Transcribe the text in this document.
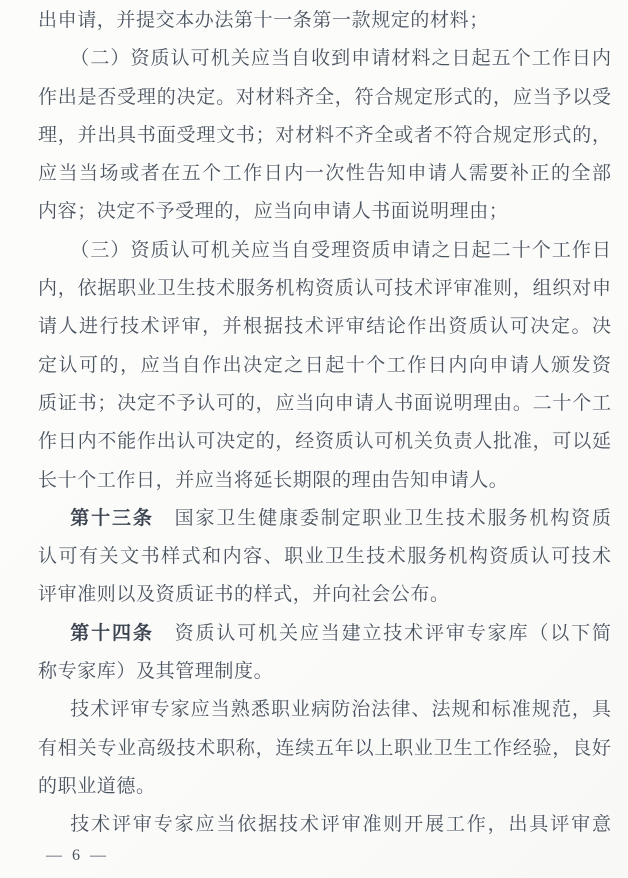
出申请，并提交本办法第十一条第一款规定的材料；
（二）资质认可机关应当自收到申请材料之日起五个工作日内
作出是否受理的决定。对材料齐全，符合规定形式的，应当予以受
理，并出具书面受理文书；对材料不齐全或者不符合规定形式的，
应当当场或者在五个工作日内一次性告知申请人需要补正的全部
内容；决定不予受理的，应当向申请人书面说明理由；
（三）资质认可机关应当自受理资质申请之日起二十个工作日
内，依据职业卫生技术服务机构资质认可技术评审准则，组织对申
请人进行技术评审，并根据技术评审结论作出资质认可决定。决
定认可的，应当自作出决定之日起十个工作日内向申请人颁发资
质证书；决定不予认可的，应当向申请人书面说明理由。二十个工
作日内不能作出认可决定的，经资质认可机关负责人批准，可以延
长十个工作日，并应当将延长期限的理由告知申请人。
第十三条　国家卫生健康委制定职业卫生技术服务机构资质
认可有关文书样式和内容、职业卫生技术服务机构资质认可技术
评审准则以及资质证书的样式，并向社会公布。
第十四条　资质认可机关应当建立技术评审专家库（以下简
称专家库）及其管理制度。
技术评审专家应当熟悉职业病防治法律、法规和标准规范，具
有相关专业高级技术职称，连续五年以上职业卫生工作经验，良好
的职业道德。
技术评审专家应当依据技术评审准则开展工作，出具评审意
— 6 —
